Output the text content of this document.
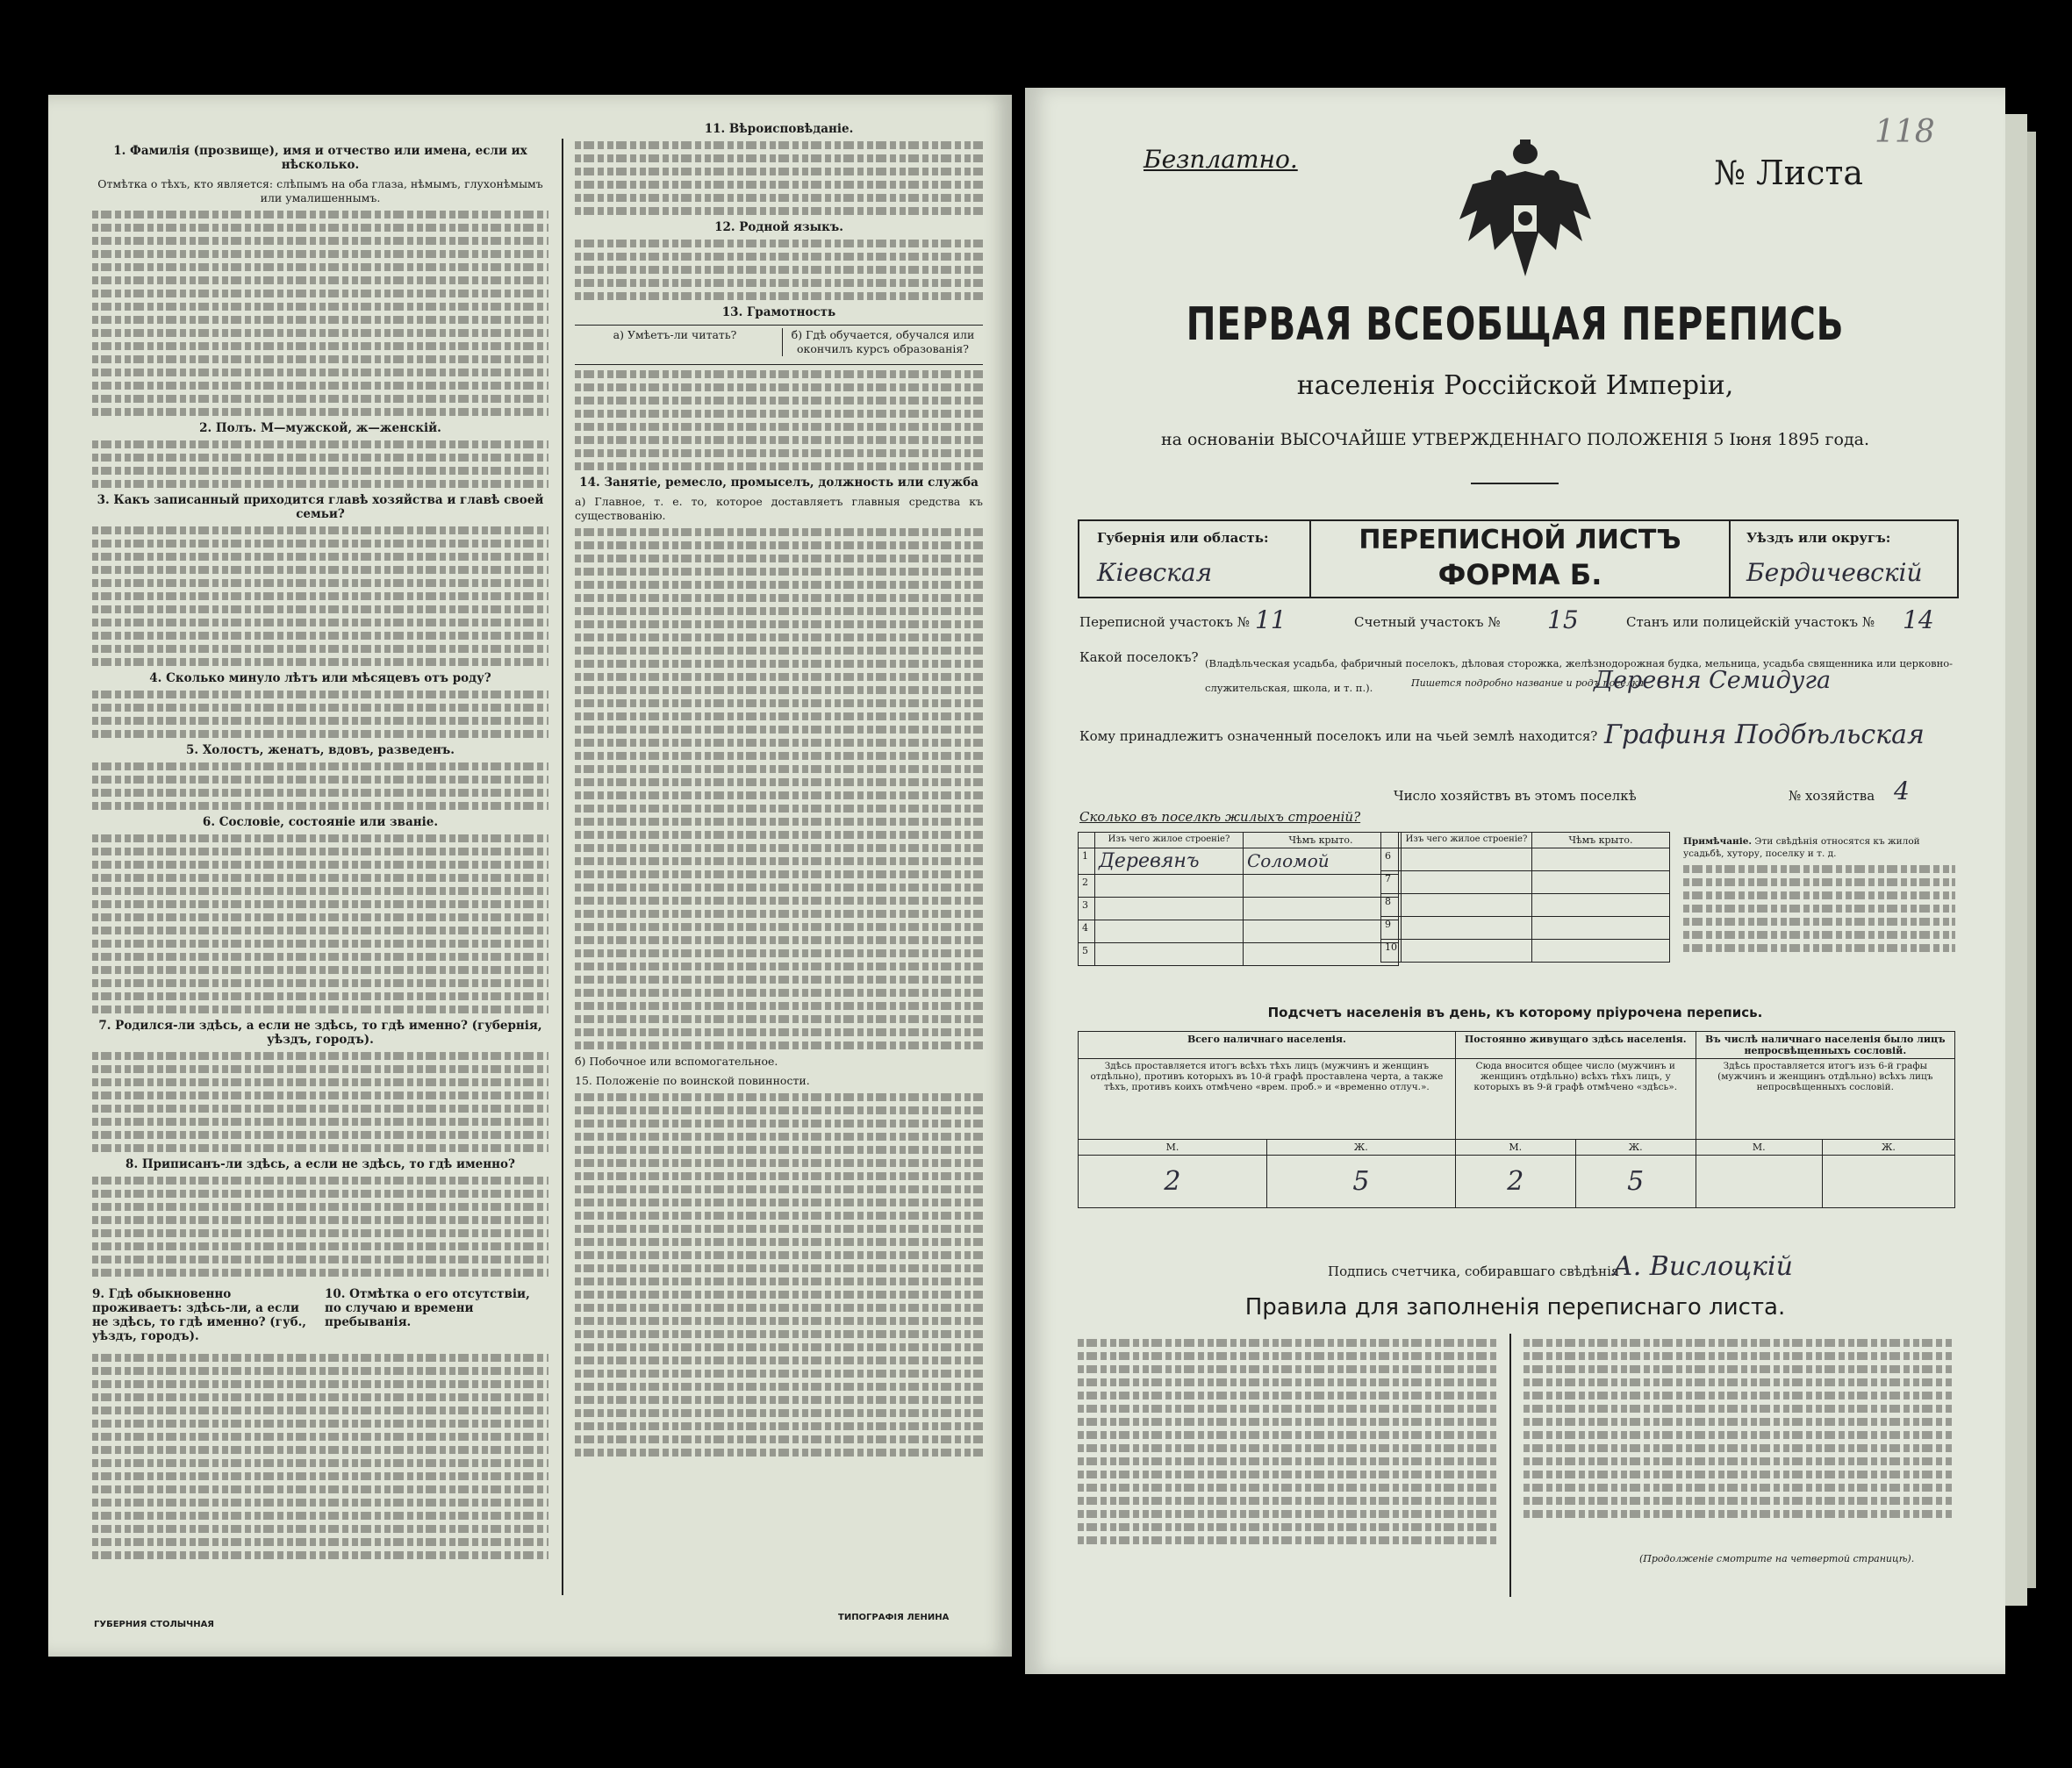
1. Фамилія (прозвище), имя и отчество или имена, если их нѣсколько.

Отмѣтка о тѣхъ, кто является: слѣпымъ на оба глаза, нѣмымъ, глухонѣмымъ или умалишеннымъ.

2. Полъ. М—мужской, ж—женскій.
3. Какъ записанный приходится главѣ хозяйства и главѣ своей семьи?
4. Сколько минуло лѣтъ или мѣсяцевъ отъ роду?
5. Холостъ, женатъ, вдовъ, разведенъ.
6. Сословіе, состояніе или званіе.
7. Родился-ли здѣсь, а если не здѣсь, то гдѣ именно? (губернія, уѣздъ, городъ).
8. Приписанъ-ли здѣсь, а если не здѣсь, то гдѣ именно?
9. Гдѣ обыкновенно проживаетъ: здѣсь-ли, а если не здѣсь, то гдѣ именно? (губ., уѣздъ, городъ).
10. Отмѣтка о его отсутствіи, по случаю и времени пребыванія.
ГУБЕРНИЯ СТОЛЫЧНАЯ
11. Вѣроисповѣданіе.
12. Родной языкъ.
13. Грамотность

а) Умѣетъ-ли читать?	б) Гдѣ обучается, обучался или окончилъ курсъ образованія?

14. Занятіе, ремесло, промыселъ, должность или служба

а) Главное, т. е. то, которое доставляетъ главныя средства къ существованію.

б) Побочное или вспомогательное.

15. Положеніе по воинской повинности.

ТИПОГРАФІЯ ЛЕНИНА
Безплатно.	№ Листа
118
ПЕРВАЯ ВСЕОБЩАЯ ПЕРЕПИСЬ
населенія Россійской Имперіи,
на основаніи ВЫСОЧАЙШЕ УТВЕРЖДЕННАГО ПОЛОЖЕНІЯ 5 Іюня 1895 года.
Губернія или область:
Кіевская
ПЕРЕПИСНОЙ ЛИСТЪ
ФОРМА Б.
Уѣздъ или округъ:
Бердичевскій
Переписной участокъ № 11	Счетный участокъ № 15	Станъ или полицейскій участокъ № 14
Какой поселокъ? (Владѣльческая усадьба, фабричный поселокъ, дѣловая сторожка, желѣзнодорожная будка, мельница, усадьба священника или церковно-служительская, школа, и т. п.).	Пишется подробно название и родъ поселка
Деревня Семидуга
Кому принадлежитъ означенный поселокъ или на чьей землѣ находится? Графиня Подбѣльская
Число хозяйствъ въ этомъ поселкѣ	№ хозяйства 4
Сколько въ поселкѣ жилыхъ строеній?
	Изъ чего жилое строеніе?	Чѣмъ крыто.
1	Деревянъ	Соломой
2		
3		
4		
5		
	Изъ чего жилое строеніе?	Чѣмъ крыто.
6		
7		
8		
9		
10		
Примѣчаніе. Эти свѣдѣнія относятся къ жилой усадьбѣ, хутору, поселку и т. д.
Подсчетъ населенія въ день, къ которому пріурочена перепись.
Всего наличнаго населенія.		Постоянно живущаго здѣсь населенія.		Въ числѣ наличнаго населенія было лицъ непросвѣщенныхъ сословій.	
Здѣсь проставляется итогъ всѣхъ тѣхъ лицъ (мужчинъ и женщинъ отдѣльно), противъ которыхъ въ 10-й графѣ проставлена черта, а также тѣхъ, противъ коихъ отмѣчено «врем. проб.» и «временно отлуч.».		Сюда вносится общее число (мужчинъ и женщинъ отдѣльно) всѣхъ тѣхъ лицъ, у которыхъ въ 9-й графѣ отмѣчено «здѣсь».		Здѣсь проставляется итогъ изъ 6-й графы (мужчинъ и женщинъ отдѣльно) всѣхъ лицъ непросвѣщенныхъ сословій.	
М.	Ж.	М.	Ж.	М.	Ж.
2	5	2	5		
Подпись счетчика, собиравшаго свѣдѣнія
А. Вислоцкій
Правила для заполненія переписнаго листа.
(Продолженіе смотрите на четвертой страницѣ).
